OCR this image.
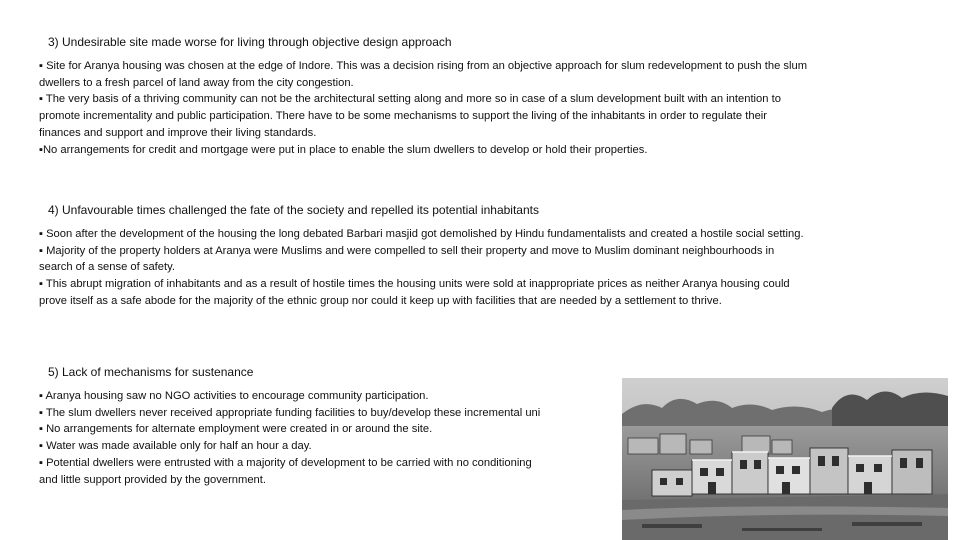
3) Undesirable site made worse for living through objective design approach
▪ Site for Aranya housing was chosen at the edge of Indore. This was a decision rising from an objective approach for slum redevelopment to push the slum
dwellers to a fresh parcel of land away from the city congestion.
▪ The very basis of a thriving community can not be the architectural setting along and more so in case of a slum development built with an intention to
promote incrementality and public participation. There have to be some mechanisms to support the living of the inhabitants in order to regulate their
finances and support and improve their living standards.
▪No arrangements for credit and mortgage were put in place to enable the slum dwellers to develop or hold their properties.
4) Unfavourable times challenged the fate of the society and repelled its potential inhabitants
▪ Soon after the development of the housing the long debated Barbari masjid got demolished by Hindu fundamentalists and created a hostile social setting.
▪ Majority of the property holders at Aranya were Muslims and were compelled to sell their property and move to Muslim dominant neighbourhoods in
search of a sense of safety.
▪ This abrupt migration of inhabitants and as a result of hostile times the housing units were sold at inappropriate prices as neither Aranya housing could
prove itself as a safe abode for the majority of the ethnic group nor could it keep up with facilities that are needed by a settlement to thrive.
5) Lack of mechanisms for sustenance
▪ Aranya housing saw no NGO activities to encourage community participation.
▪ The slum dwellers never received appropriate funding facilities to buy/develop these incremental uni
▪ No arrangements for alternate employment were created in or around the site.
▪ Water was made available only for half an hour a day.
▪ Potential dwellers were entrusted with a majority of development to be carried with no conditioning
and little support provided by the government.
